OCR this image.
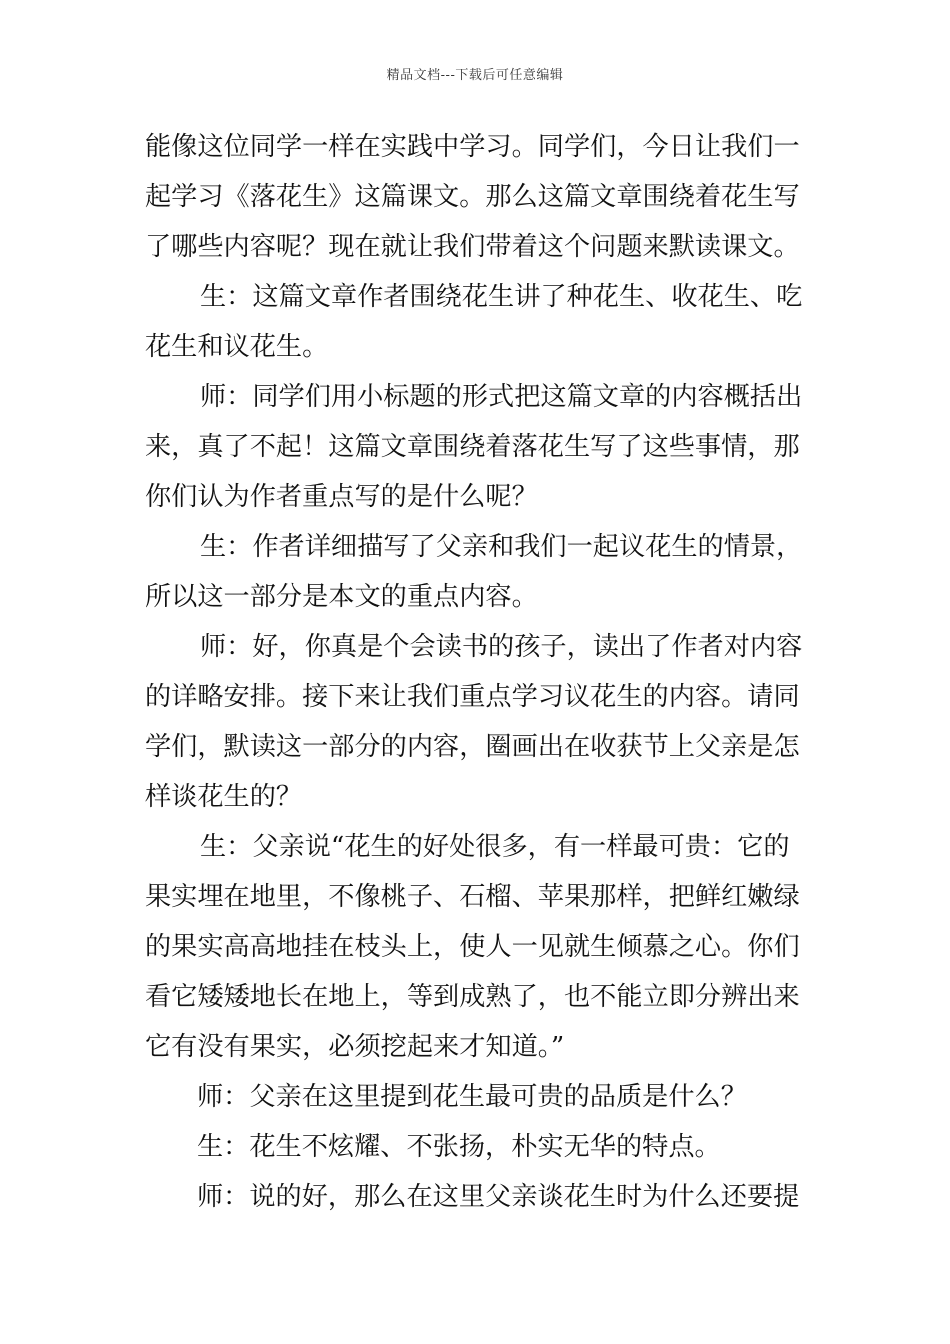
精品文档---下载后可任意编辑
能像这位同学一样在实践中学习。同学们，今日让我们一
起学习《落花生》这篇课文。那么这篇文章围绕着花生写
了哪些内容呢？现在就让我们带着这个问题来默读课文。
生：这篇文章作者围绕花生讲了种花生、收花生、吃
花生和议花生。
师：同学们用小标题的形式把这篇文章的内容概括出
来，真了不起！这篇文章围绕着落花生写了这些事情，那
你们认为作者重点写的是什么呢？
生：作者详细描写了父亲和我们一起议花生的情景，
所以这一部分是本文的重点内容。
师：好，你真是个会读书的孩子，读出了作者对内容
的详略安排。接下来让我们重点学习议花生的内容。请同
学们，默读这一部分的内容，圈画出在收获节上父亲是怎
样谈花生的？
生：父亲说“花生的好处很多，有一样最可贵：它的
果实埋在地里，不像桃子、石榴、苹果那样，把鲜红嫩绿
的果实高高地挂在枝头上，使人一见就生倾慕之心。你们
看它矮矮地长在地上，等到成熟了，也不能立即分辨出来
它有没有果实，必须挖起来才知道。”
师：父亲在这里提到花生最可贵的品质是什么？
生：花生不炫耀、不张扬，朴实无华的特点。
师：说的好，那么在这里父亲谈花生时为什么还要提
